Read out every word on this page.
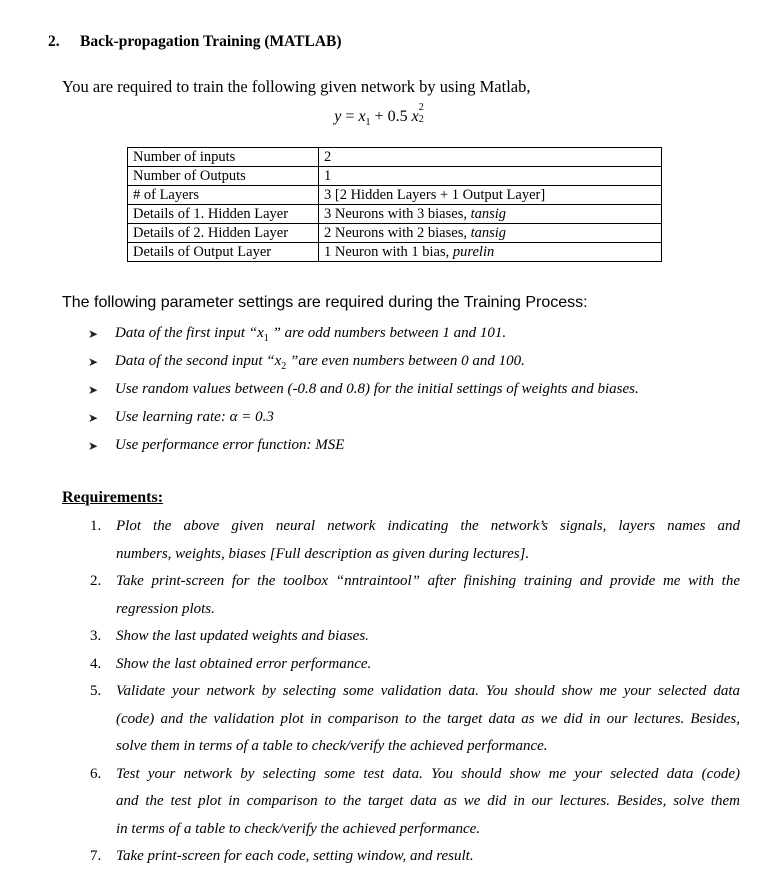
2. Back-propagation Training (MATLAB)
You are required to train the following given network by using Matlab,
$y = x_1 + 0.5$ x
2
2
Number of inputs	2
Number of Outputs	1
# of Layers	3 [2 Hidden Layers + 1 Output Layer]
Details of 1. Hidden Layer	3 Neurons with 3 biases, tansig
Details of 2. Hidden Layer	2 Neurons with 2 biases, tansig
Details of Output Layer	1 Neuron with 1 bias, purelin
The following parameter settings are required during the Training Process:
➤	Data of the first input “$x_1$ ” are odd numbers between 1 and 101.
➤	Data of the second input “$x_2$ ”are even numbers between 0 and 100.
➤	Use random values between (-0.8 and 0.8) for the initial settings of weights and biases.
➤	Use learning rate: α = 0.3
➤	Use performance error function: MSE
Requirements:
1. Plot the above given neural network indicating the network’s signals, layers names and
numbers, weights, biases [Full description as given during lectures].
2. Take print-screen for the toolbox “nntraintool” after finishing training and provide me with the
regression plots.
3. Show the last updated weights and biases.
4. Show the last obtained error performance.
5. Validate your network by selecting some validation data. You should show me your selected data
(code) and the validation plot in comparison to the target data as we did in our lectures. Besides,
solve them in terms of a table to check/verify the achieved performance.
6. Test your network by selecting some test data. You should show me your selected data (code)
and the test plot in comparison to the target data as we did in our lectures. Besides, solve them
in terms of a table to check/verify the achieved performance.
7. Take print-screen for each code, setting window, and result.
